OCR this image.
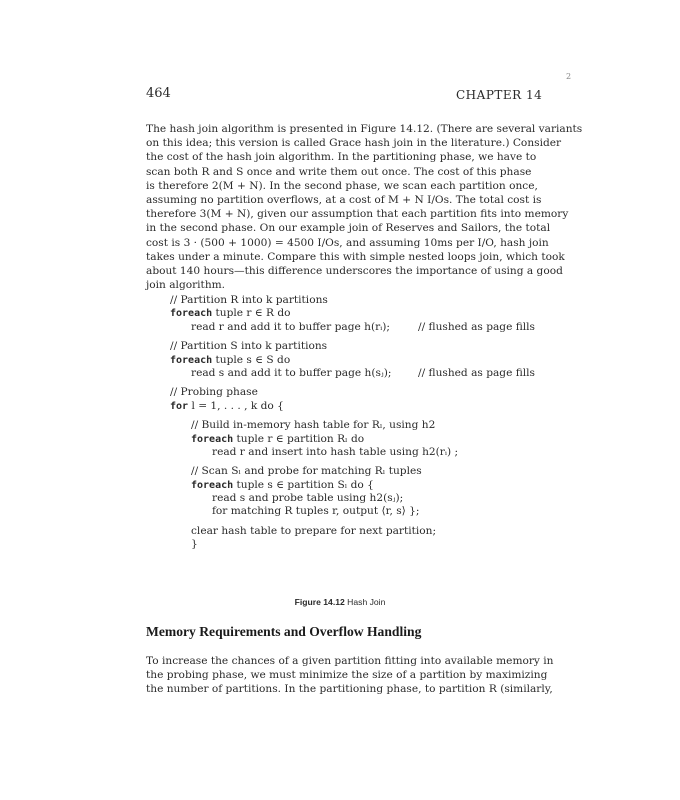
464	CHAPTER 14
2
The hash join algorithm is presented in Figure 14.12. (There are several variants
on this idea; this version is called Grace hash join in the literature.) Consider
the cost of the hash join algorithm. In the partitioning phase, we have to
scan both R and S once and write them out once. The cost of this phase
is therefore 2(M + N). In the second phase, we scan each partition once,
assuming no partition overflows, at a cost of M + N I/Os. The total cost is
therefore 3(M + N), given our assumption that each partition fits into memory
in the second phase. On our example join of Reserves and Sailors, the total
cost is 3 · (500 + 1000) = 4500 I/Os, and assuming 10ms per I/O, hash join
takes under a minute. Compare this with simple nested loops join, which took
about 140 hours—this difference underscores the importance of using a good
join algorithm.
// Partition R into k partitions
foreach tuple r ∈ R do
read r and add it to buffer page h(rᵢ);	// flushed as page fills
// Partition S into k partitions
foreach tuple s ∈ S do
read s and add it to buffer page h(sⱼ);	// flushed as page fills
// Probing phase
for l = 1, . . . , k do {
// Build in-memory hash table for Rₗ, using h2
foreach tuple r ∈ partition Rₗ do
read r and insert into hash table using h2(rᵢ) ;
// Scan Sₗ and probe for matching Rₗ tuples
foreach tuple s ∈ partition Sₗ do {
read s and probe table using h2(sⱼ);
for matching R tuples r, output ⟨r, s⟩ };
clear hash table to prepare for next partition;
}
Figure 14.12 Hash Join
Memory Requirements and Overflow Handling
To increase the chances of a given partition fitting into available memory in
the probing phase, we must minimize the size of a partition by maximizing
the number of partitions. In the partitioning phase, to partition R (similarly,
